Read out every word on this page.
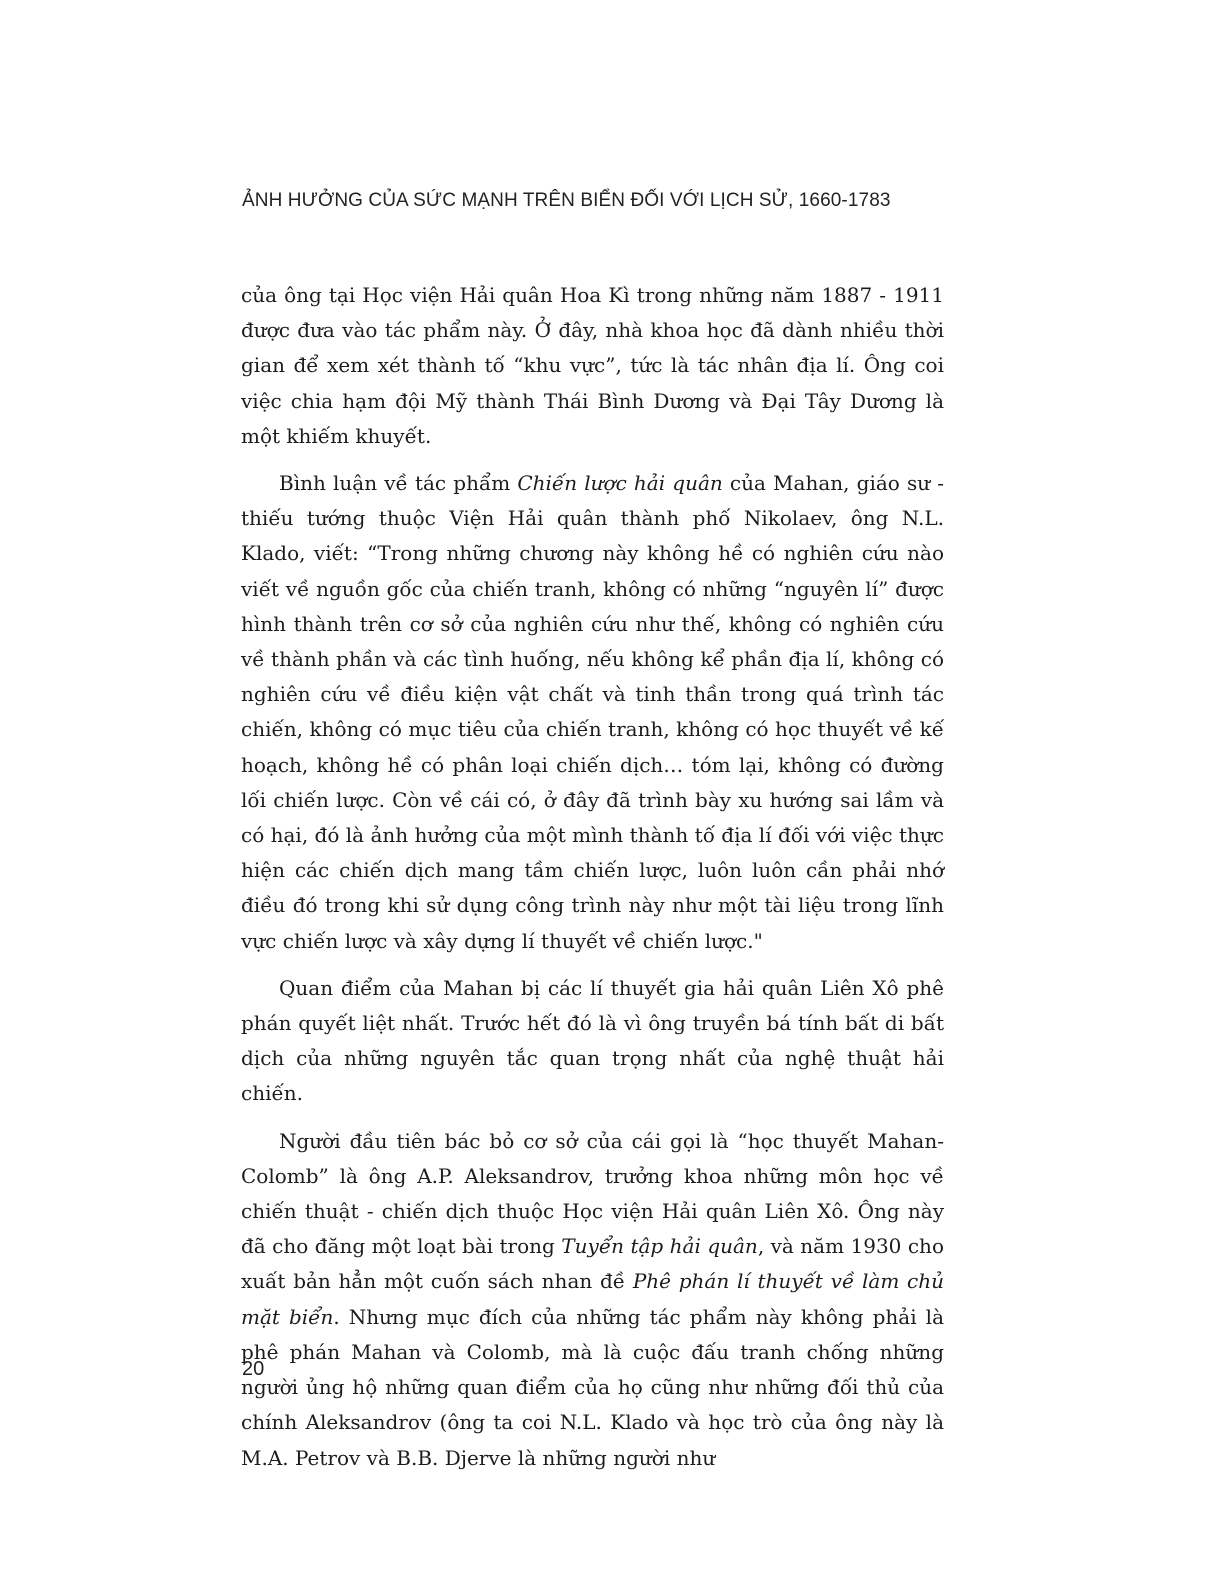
ẢNH HƯỞNG CỦA SỨC MẠNH TRÊN BIỂN ĐỐI VỚI LỊCH SỬ, 1660-1783

của ông tại Học viện Hải quân Hoa Kì trong những năm 1887 - 1911 được đưa vào tác phẩm này. Ở đây, nhà khoa học đã dành nhiều thời gian để xem xét thành tố “khu vực”, tức là tác nhân địa lí. Ông coi việc chia hạm đội Mỹ thành Thái Bình Dương và Đại Tây Dương là một khiếm khuyết.

Bình luận về tác phẩm Chiến lược hải quân của Mahan, giáo sư - thiếu tướng thuộc Viện Hải quân thành phố Nikolaev, ông N.L. Klado, viết: “Trong những chương này không hề có nghiên cứu nào viết về nguồn gốc của chiến tranh, không có những “nguyên lí” được hình thành trên cơ sở của nghiên cứu như thế, không có nghiên cứu về thành phần và các tình huống, nếu không kể phần địa lí, không có nghiên cứu về điều kiện vật chất và tinh thần trong quá trình tác chiến, không có mục tiêu của chiến tranh, không có học thuyết về kế hoạch, không hề có phân loại chiến dịch… tóm lại, không có đường lối chiến lược. Còn về cái có, ở đây đã trình bày xu hướng sai lầm và có hại, đó là ảnh hưởng của một mình thành tố địa lí đối với việc thực hiện các chiến dịch mang tầm chiến lược, luôn luôn cần phải nhớ điều đó trong khi sử dụng công trình này như một tài liệu trong lĩnh vực chiến lược và xây dựng lí thuyết về chiến lược."

Quan điểm của Mahan bị các lí thuyết gia hải quân Liên Xô phê phán quyết liệt nhất. Trước hết đó là vì ông truyền bá tính bất di bất dịch của những nguyên tắc quan trọng nhất của nghệ thuật hải chiến.

Người đầu tiên bác bỏ cơ sở của cái gọi là “học thuyết Mahan-Colomb” là ông A.P. Aleksandrov, trưởng khoa những môn học về chiến thuật - chiến dịch thuộc Học viện Hải quân Liên Xô. Ông này đã cho đăng một loạt bài trong Tuyển tập hải quân, và năm 1930 cho xuất bản hẳn một cuốn sách nhan đề Phê phán lí thuyết về làm chủ mặt biển. Nhưng mục đích của những tác phẩm này không phải là phê phán Mahan và Colomb, mà là cuộc đấu tranh chống những người ủng hộ những quan điểm của họ cũng như những đối thủ của chính Aleksandrov (ông ta coi N.L. Klado và học trò của ông này là M.A. Petrov và B.B. Djerve là những người như

20
